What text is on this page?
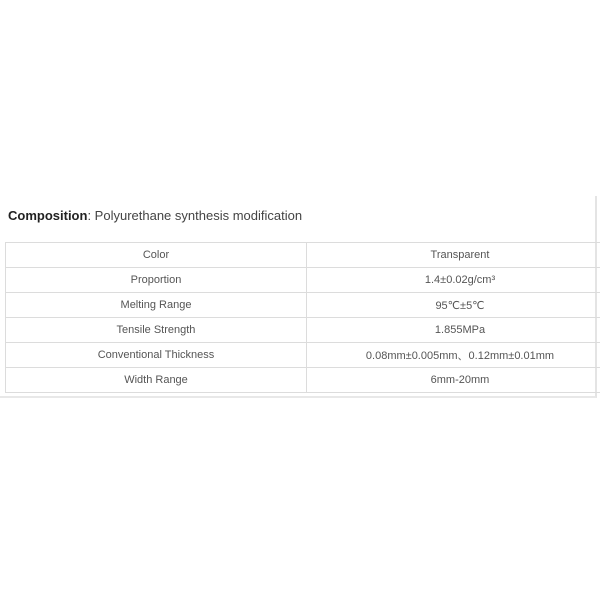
Composition: Polyurethane synthesis modification
Color	Transparent
Proportion	1.4±0.02g/cm³
Melting Range	95℃±5℃
Tensile Strength	1.855MPa
Conventional Thickness	0.08mm±0.005mm、0.12mm±0.01mm
Width Range	6mm-20mm
